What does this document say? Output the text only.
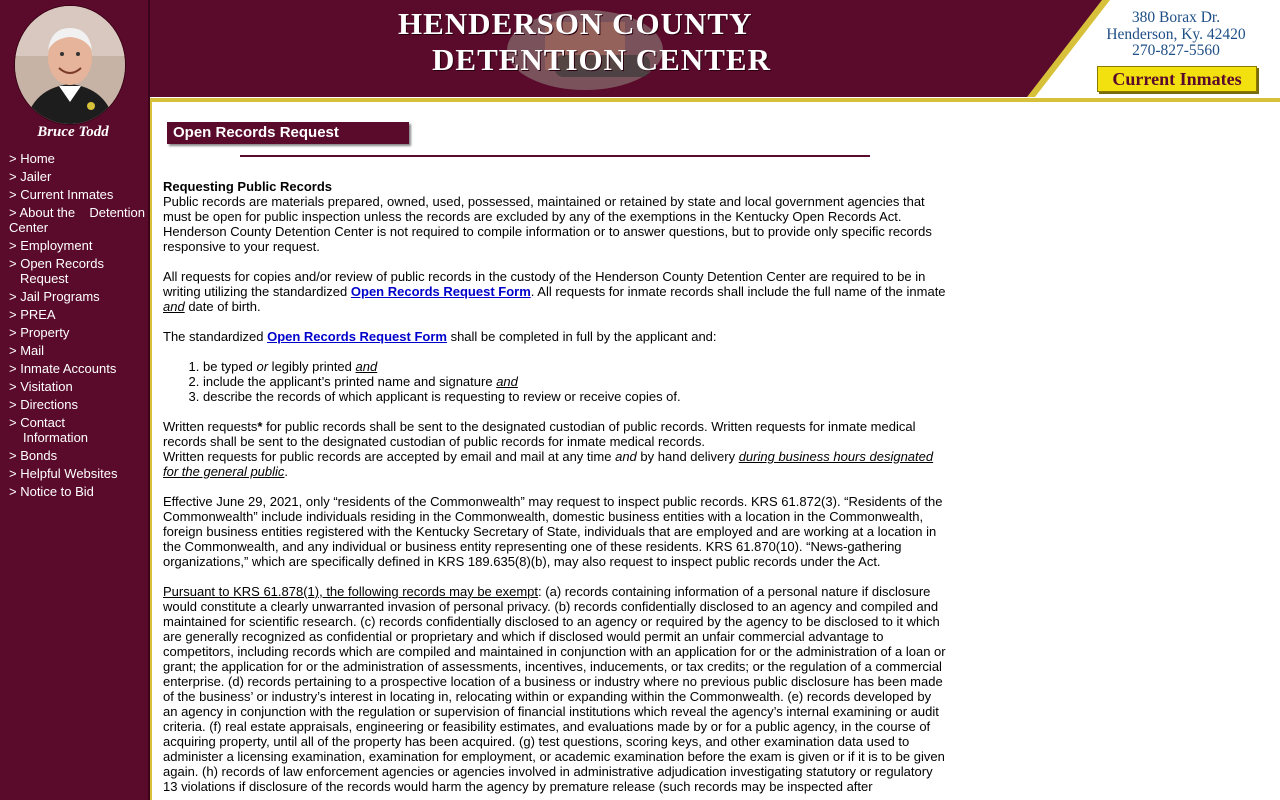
HENDERSON COUNTY
DETENTION CENTER
380 Borax Dr.
Henderson, Ky. 42420
270-827-5560
Current Inmates
Bruce Todd
> Home
> Jailer
> Current Inmates
> About the Detention
Center
> Employment
> Open Records
Request
> Jail Programs
> PREA
> Property
> Mail
> Inmate Accounts
> Visitation
> Directions
> Contact
Information
> Bonds
> Helpful Websites
> Notice to Bid
Open Records Request

Requesting Public Records

Public records are materials prepared, owned, used, possessed, maintained or retained by state and local government agencies that must be open for public inspection unless the records are excluded by any of the exemptions in the Kentucky Open Records Act. Henderson County Detention Center is not required to compile information or to answer questions, but to provide only specific records responsive to your request.

All requests for copies and/or review of public records in the custody of the Henderson County Detention Center are required to be in writing utilizing the standardized Open Records Request Form. All requests for inmate records shall include the full name of the inmate and date of birth.

The standardized Open Records Request Form shall be completed in full by the applicant and:

1. be typed or legibly printed and
2. include the applicant’s printed name and signature and
3. describe the records of which applicant is requesting to review or receive copies of.

Written requests* for public records shall be sent to the designated custodian of public records. Written requests for inmate medical records shall be sent to the designated custodian of public records for inmate medical records.

Written requests for public records are accepted by email and mail at any time and by hand delivery during business hours designated for the general public.

Effective June 29, 2021, only “residents of the Commonwealth” may request to inspect public records. KRS 61.872(3). “Residents of the Commonwealth” include individuals residing in the Commonwealth, domestic business entities with a location in the Commonwealth, foreign business entities registered with the Kentucky Secretary of State, individuals that are employed and are working at a location in the Commonwealth, and any individual or business entity representing one of these residents. KRS 61.870(10). “News-gathering organizations,” which are specifically defined in KRS 189.635(8)(b), may also request to inspect public records under the Act.

Pursuant to KRS 61.878(1), the following records may be exempt: (a) records containing information of a personal nature if disclosure would constitute a clearly unwarranted invasion of personal privacy. (b) records confidentially disclosed to an agency and compiled and maintained for scientific research. (c) records confidentially disclosed to an agency or required by the agency to be disclosed to it which are generally recognized as confidential or proprietary and which if disclosed would permit an unfair commercial advantage to competitors, including records which are compiled and maintained in conjunction with an application for or the administration of a loan or grant; the application for or the administration of assessments, incentives, inducements, or tax credits; or the regulation of a commercial enterprise. (d) records pertaining to a prospective location of a business or industry where no previous public disclosure has been made of the business’ or industry’s interest in locating in, relocating within or expanding within the Commonwealth. (e) records developed by an agency in conjunction with the regulation or supervision of financial institutions which reveal the agency’s internal examining or audit criteria. (f) real estate appraisals, engineering or feasibility estimates, and evaluations made by or for a public agency, in the course of acquiring property, until all of the property has been acquired. (g) test questions, scoring keys, and other examination data used to administer a licensing examination, examination for employment, or academic examination before the exam is given or if it is to be given again. (h) records of law enforcement agencies or agencies involved in administrative adjudication investigating statutory or regulatory 13 violations if disclosure of the records would harm the agency by premature release (such records may be inspected after
